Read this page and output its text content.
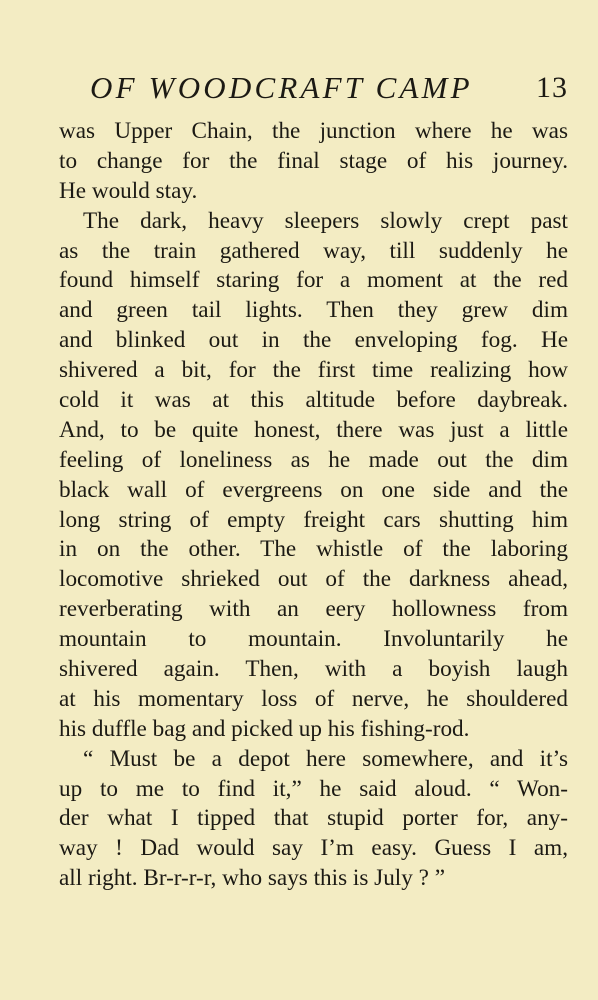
OF WOODCRAFT CAMP 13
was Upper Chain, the junction where he was
to change for the final stage of his journey.
He would stay.
The dark, heavy sleepers slowly crept past
as the train gathered way, till suddenly he
found himself staring for a moment at the red
and green tail lights. Then they grew dim
and blinked out in the enveloping fog. He
shivered a bit, for the first time realizing how
cold it was at this altitude before daybreak.
And, to be quite honest, there was just a little
feeling of loneliness as he made out the dim
black wall of evergreens on one side and the
long string of empty freight cars shutting him
in on the other. The whistle of the laboring
locomotive shrieked out of the darkness ahead,
reverberating with an eery hollowness from
mountain to mountain. Involuntarily he
shivered again. Then, with a boyish laugh
at his momentary loss of nerve, he shouldered
his duffle bag and picked up his fishing-rod.
“ Must be a depot here somewhere, and it’s
up to me to find it,” he said aloud. “ Won-
der what I tipped that stupid porter for, any-
way ! Dad would say I’m easy. Guess I am,
all right. Br-r-r-r, who says this is July ? ”
